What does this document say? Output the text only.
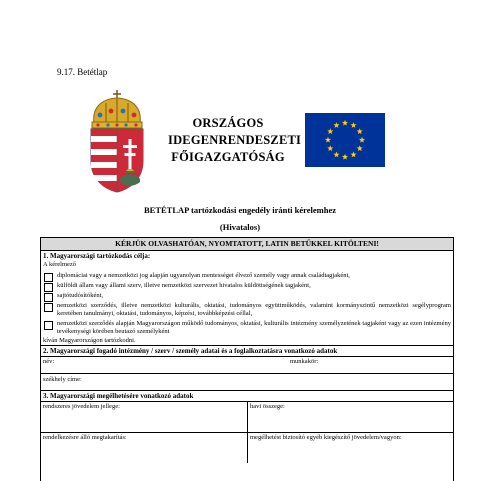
9.17. Betétlap
ORSZÁGOS
IDEGENRENDESZETI
FŐIGAZGATÓSÁG
BETÉTLAP tartózkodási engedély iránti kérelemhez
(Hivatalos)
KÉRJÜK OLVASHATÓAN, NYOMTATOTT, LATIN BETŰKKEL KITÖLTENI!
1. Magyarországi tartózkodás célja:
A kérelmező
diplomáciai vagy a nemzetközi jog alapján ugyanolyan mentességet élvező személy vagy annak családtagjaként,
külföldi állam vagy állami szerv, illetve nemzetközi szervezet hivatalos küldöttségének tagjaként,
sajtótudósítóként,
nemzetközi szerződés, illetve nemzetközi kulturális, oktatási, tudományos együttműködés, valamint kormányszintű nemzetközi segélyprogram keretében tanulmányi, oktatási, tudományos, képzési, továbbképzési céllal,
nemzetközi szerződés alapján Magyarországon működő tudományos, oktatási, kulturális intézmény személyzetének tagjaként vagy az ezen intézmény tevékenységi körében beutazó személyként
kíván Magyarországon tartózkodni.
2. Magyarországi fogadó intézmény / szerv / személy adatai és a foglalkoztatásra vonatkozó adatok
név:	munkakör:
székhely címe:
3. Magyarországi megélhetésére vonatkozó adatok
rendszeres jövedelem jellege:	havi összege:
rendelkezésre álló megtakarítás:	megélhetést biztosító egyéb kiegészítő jövedelem/vagyon:
